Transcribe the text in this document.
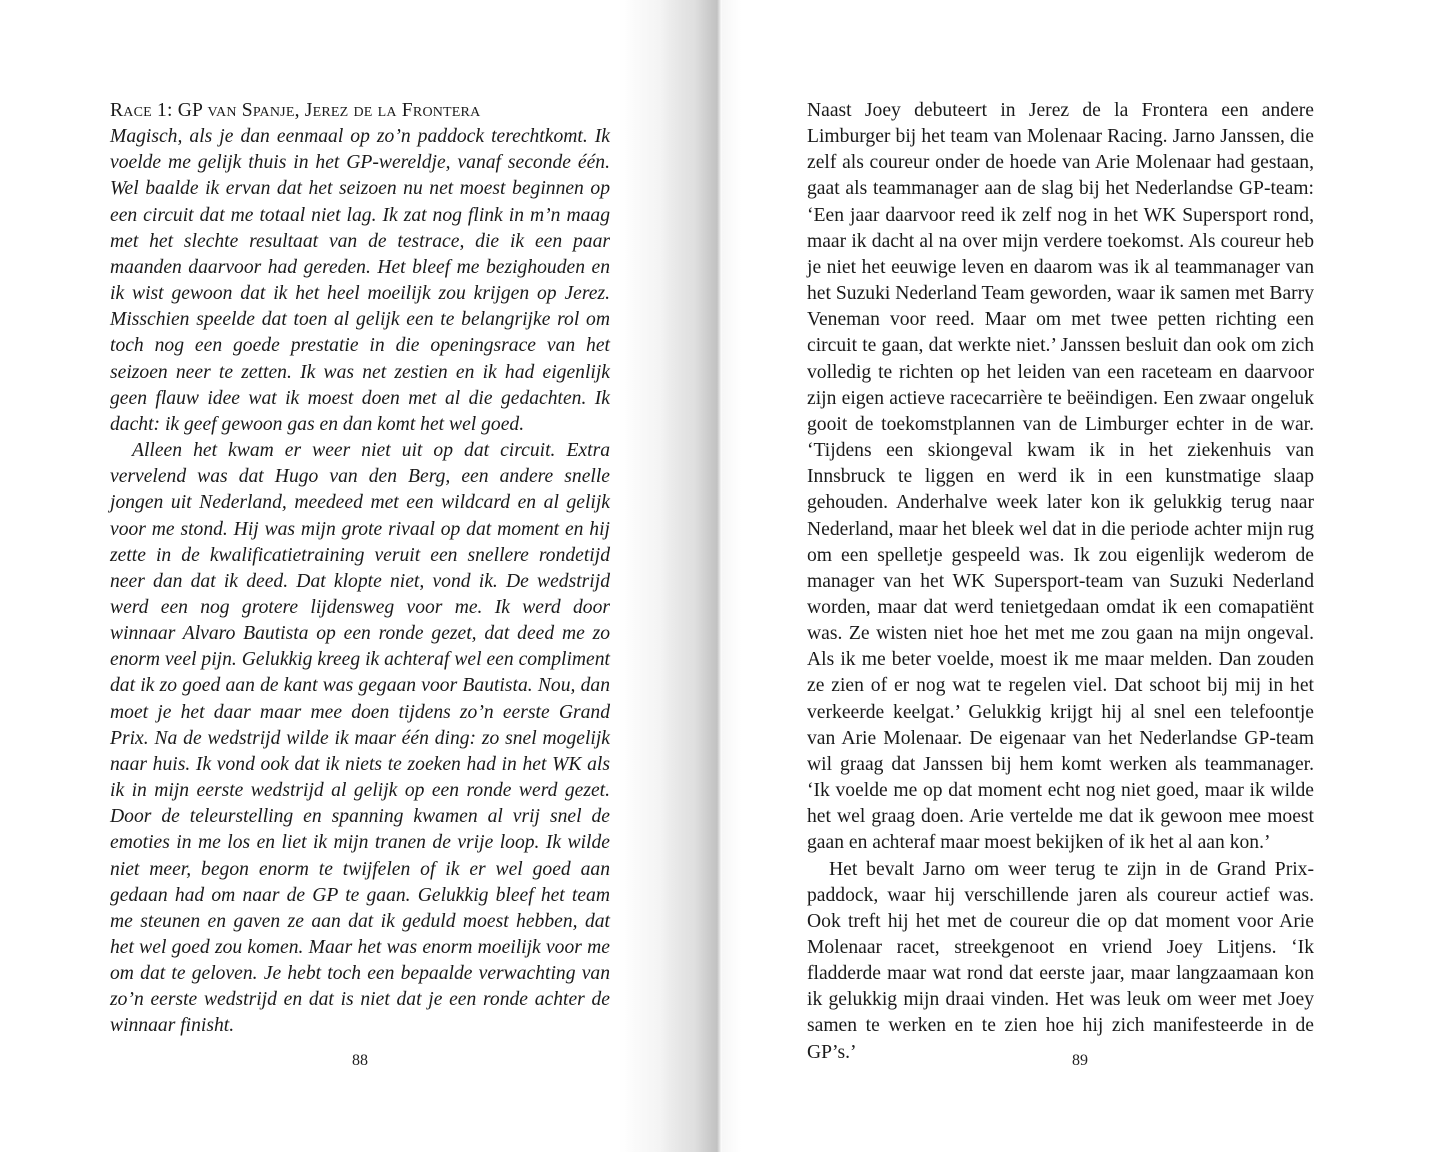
Race 1: GP van Spanje, Jerez de la Frontera

Magisch, als je dan eenmaal op zo’n paddock terechtkomt. Ik voelde me gelijk thuis in het GP-wereldje, vanaf seconde één. Wel baalde ik ervan dat het seizoen nu net moest beginnen op een circuit dat me totaal niet lag. Ik zat nog flink in m’n maag met het slechte resultaat van de testrace, die ik een paar maanden daarvoor had gereden. Het bleef me bezighouden en ik wist gewoon dat ik het heel moeilijk zou krijgen op Jerez. Misschien speelde dat toen al gelijk een te belangrijke rol om toch nog een goede prestatie in die openingsrace van het seizoen neer te zetten. Ik was net zestien en ik had eigenlijk geen flauw idee wat ik moest doen met al die gedachten. Ik dacht: ik geef gewoon gas en dan komt het wel goed.

Alleen het kwam er weer niet uit op dat circuit. Extra vervelend was dat Hugo van den Berg, een andere snelle jongen uit Nederland, meedeed met een wildcard en al gelijk voor me stond. Hij was mijn grote rivaal op dat moment en hij zette in de kwalificatietraining veruit een snellere rondetijd neer dan dat ik deed. Dat klopte niet, vond ik. De wedstrijd werd een nog grotere lijdensweg voor me. Ik werd door winnaar Alvaro Bautista op een ronde gezet, dat deed me zo enorm veel pijn. Gelukkig kreeg ik achteraf wel een compliment dat ik zo goed aan de kant was gegaan voor Bautista. Nou, dan moet je het daar maar mee doen tijdens zo’n eerste Grand Prix. Na de wedstrijd wilde ik maar één ding: zo snel mogelijk naar huis. Ik vond ook dat ik niets te zoeken had in het WK als ik in mijn eerste wedstrijd al gelijk op een ronde werd gezet. Door de teleurstelling en spanning kwamen al vrij snel de emoties in me los en liet ik mijn tranen de vrije loop. Ik wilde niet meer, begon enorm te twijfelen of ik er wel goed aan gedaan had om naar de GP te gaan. Gelukkig bleef het team me steunen en gaven ze aan dat ik geduld moest hebben, dat het wel goed zou komen. Maar het was enorm moeilijk voor me om dat te geloven. Je hebt toch een bepaalde verwachting van zo’n eerste wedstrijd en dat is niet dat je een ronde achter de winnaar finisht.

88

Naast Joey debuteert in Jerez de la Frontera een andere Limburger bij het team van Molenaar Racing. Jarno Janssen, die zelf als coureur onder de hoede van Arie Molenaar had gestaan, gaat als teammanager aan de slag bij het Nederlandse GP-team: ‘Een jaar daarvoor reed ik zelf nog in het WK Supersport rond, maar ik dacht al na over mijn verdere toekomst. Als coureur heb je niet het eeuwige leven en daarom was ik al teammanager van het Suzuki Nederland Team geworden, waar ik samen met Barry Veneman voor reed. Maar om met twee petten richting een circuit te gaan, dat werkte niet.’ Janssen besluit dan ook om zich volledig te richten op het leiden van een raceteam en daarvoor zijn eigen actieve racecarrière te beëindigen. Een zwaar ongeluk gooit de toekomstplannen van de Limburger echter in de war. ‘Tijdens een skiongeval kwam ik in het ziekenhuis van Innsbruck te liggen en werd ik in een kunstmatige slaap gehouden. Anderhalve week later kon ik gelukkig terug naar Nederland, maar het bleek wel dat in die periode achter mijn rug om een spelletje gespeeld was. Ik zou eigenlijk wederom de manager van het WK Supersport-team van Suzuki Nederland worden, maar dat werd tenietgedaan omdat ik een comapatiënt was. Ze wisten niet hoe het met me zou gaan na mijn ongeval. Als ik me beter voelde, moest ik me maar melden. Dan zouden ze zien of er nog wat te regelen viel. Dat schoot bij mij in het verkeerde keelgat.’ Gelukkig krijgt hij al snel een telefoontje van Arie Molenaar. De eigenaar van het Nederlandse GP-team wil graag dat Janssen bij hem komt werken als teammanager. ‘Ik voelde me op dat moment echt nog niet goed, maar ik wilde het wel graag doen. Arie vertelde me dat ik gewoon mee moest gaan en achteraf maar moest bekijken of ik het al aan kon.’

Het bevalt Jarno om weer terug te zijn in de Grand Prix-paddock, waar hij verschillende jaren als coureur actief was. Ook treft hij het met de coureur die op dat moment voor Arie Molenaar racet, streekgenoot en vriend Joey Litjens. ‘Ik fladderde maar wat rond dat eerste jaar, maar langzaamaan kon ik gelukkig mijn draai vinden. Het was leuk om weer met Joey samen te werken en te zien hoe hij zich manifesteerde in de GP’s.’	89
